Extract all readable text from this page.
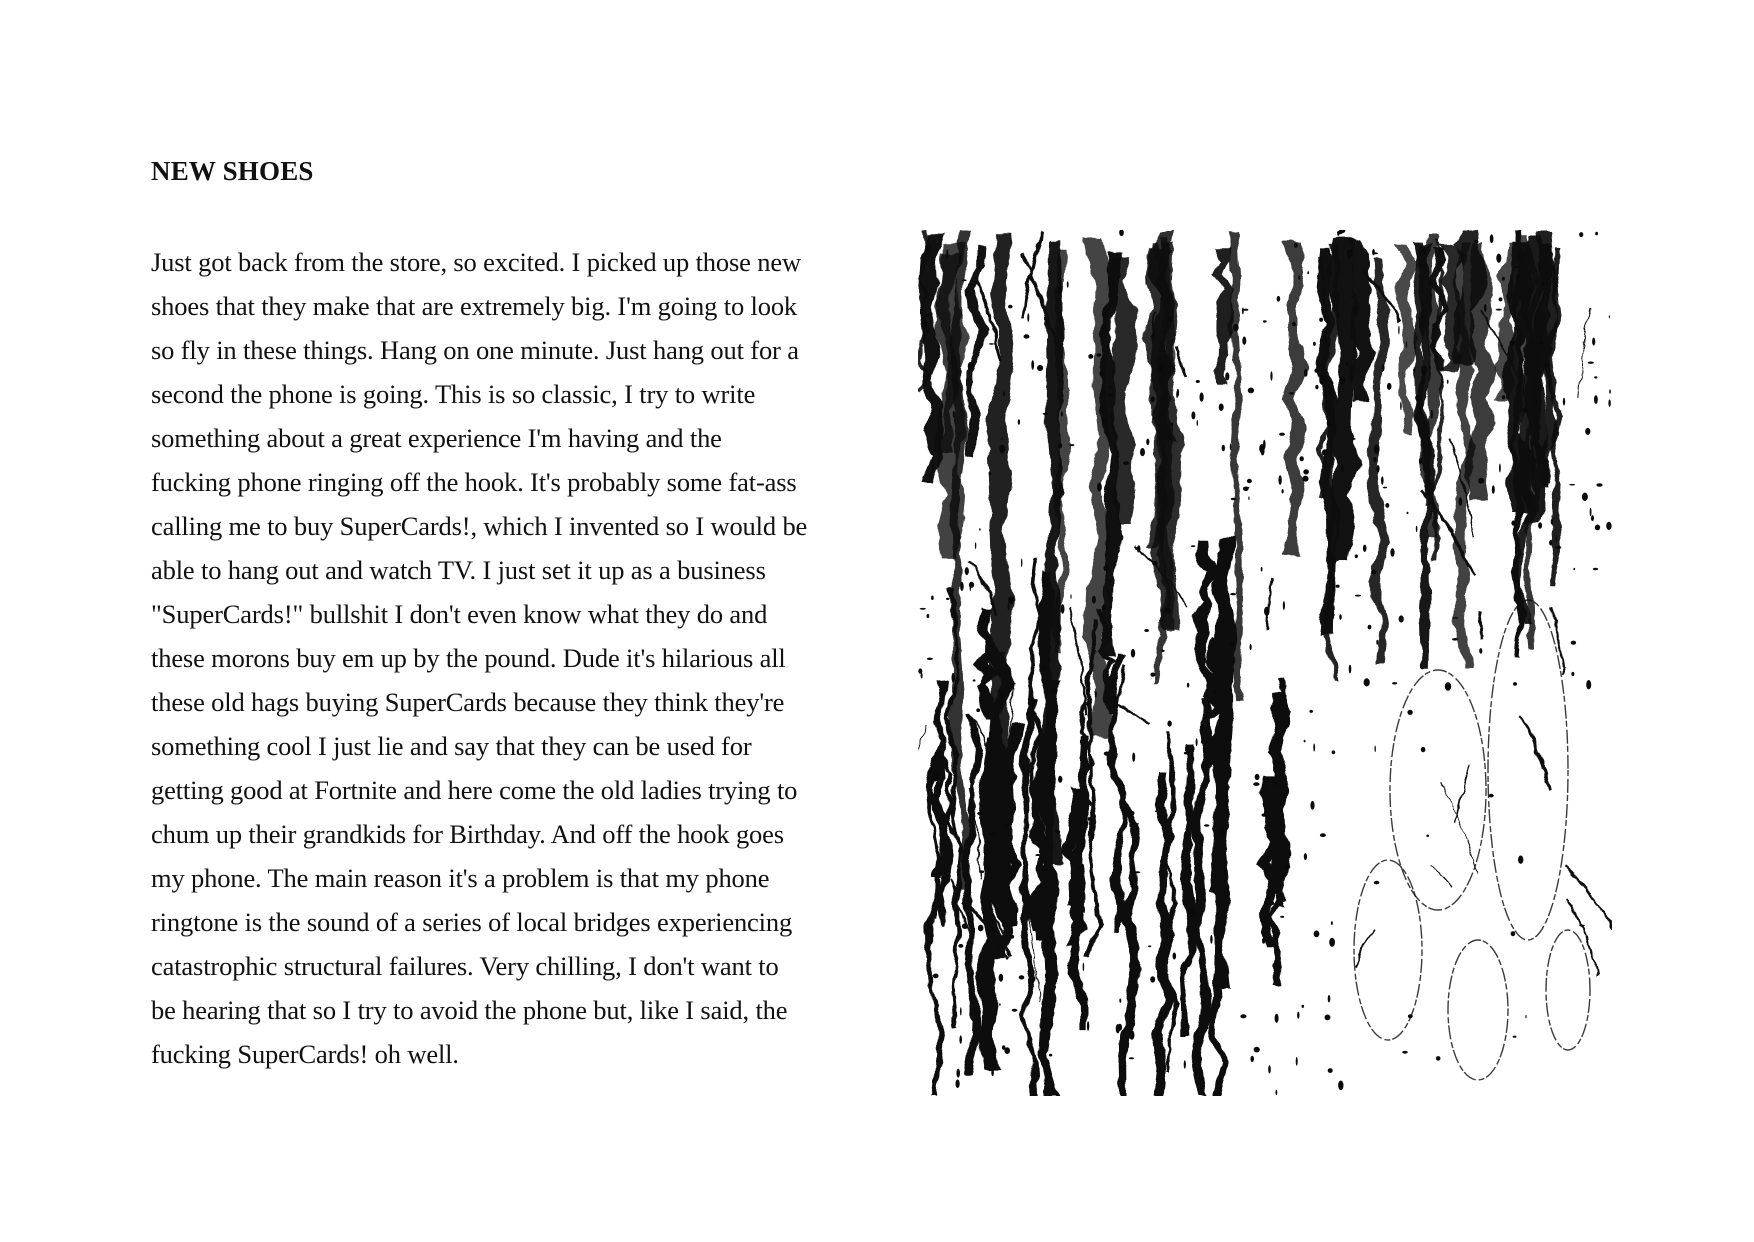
NEW SHOES
Just got back from the store, so excited. I picked up those new
shoes that they make that are extremely big. I'm going to look
so fly in these things. Hang on one minute. Just hang out for a
second the phone is going. This is so classic, I try to write
something about a great experience I'm having and the
fucking phone ringing off the hook. It's probably some fat-ass
calling me to buy SuperCards!, which I invented so I would be
able to hang out and watch TV. I just set it up as a business
"SuperCards!" bullshit I don't even know what they do and
these morons buy em up by the pound. Dude it's hilarious all
these old hags buying SuperCards because they think they're
something cool I just lie and say that they can be used for
getting good at Fortnite and here come the old ladies trying to
chum up their grandkids for Birthday. And off the hook goes
my phone. The main reason it's a problem is that my phone
ringtone is the sound of a series of local bridges experiencing
catastrophic structural failures. Very chilling, I don't want to
be hearing that so I try to avoid the phone but, like I said, the
fucking SuperCards! oh well.
